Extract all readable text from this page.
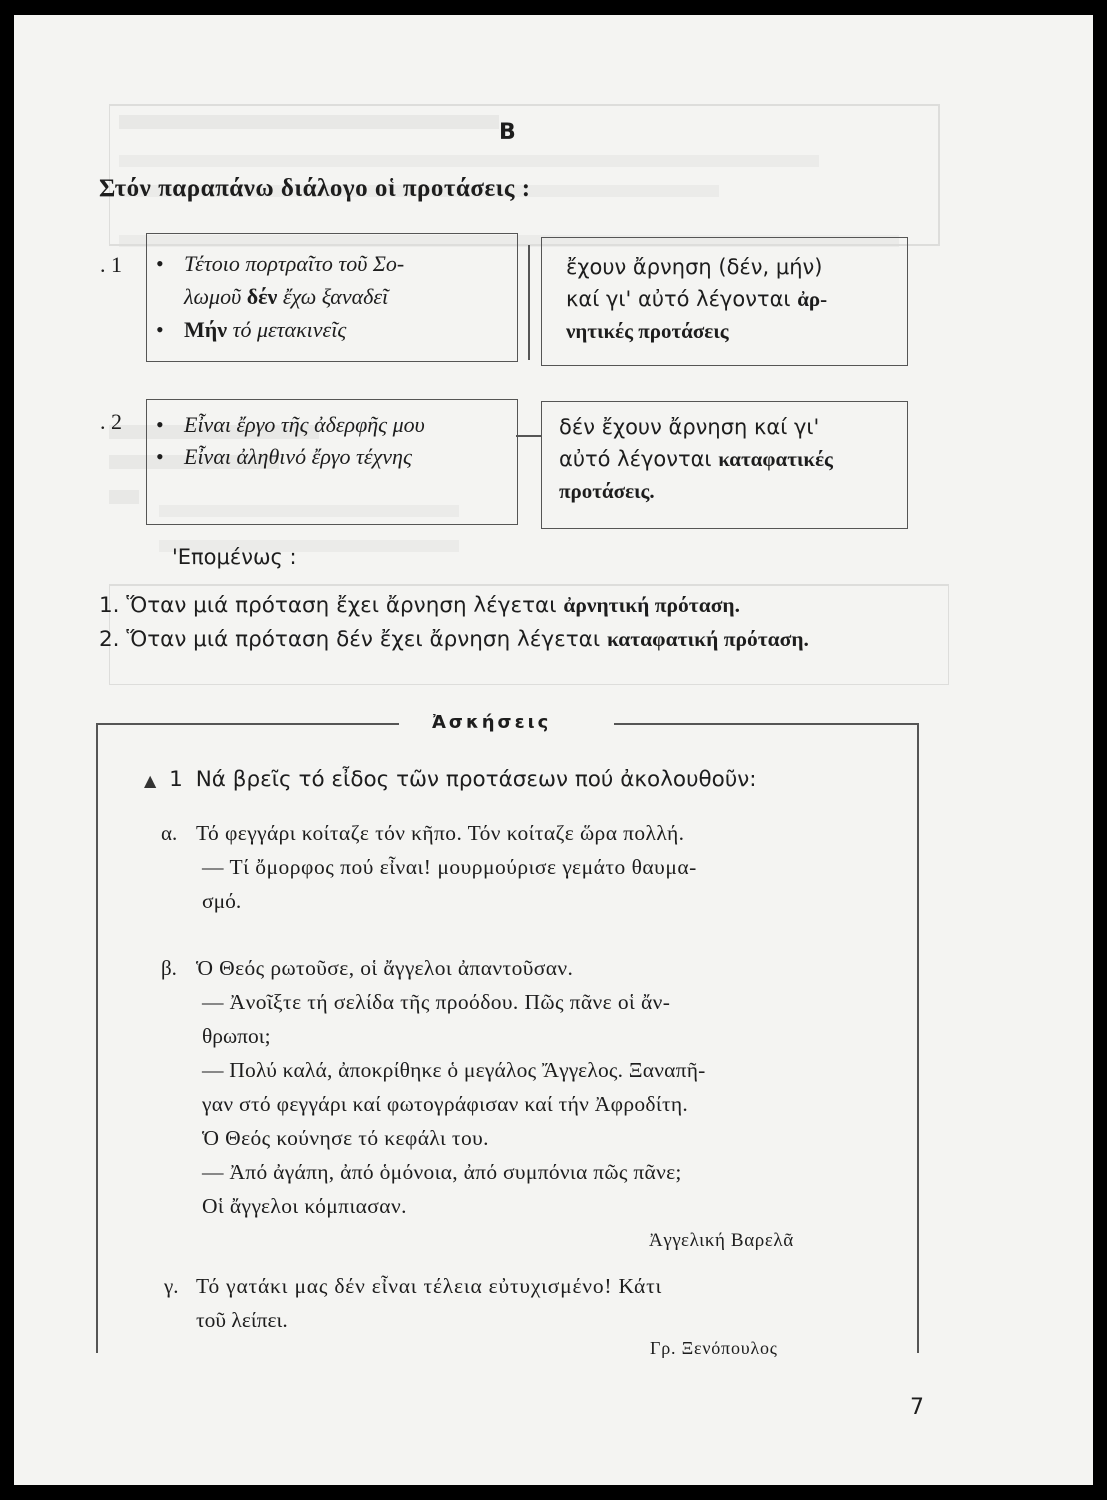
Β
Στόν παραπάνω διάλογο οἱ προτάσεις :
. 1 • Τέτοιο πορτραῖτο τοῦ Σο-
λωμοῦ δέν ἔχω ξαναδεῖ
• Μήν τό μετακινεῖς
ἔχουν ἄρνηση (δέν, μήν)
καί γι' αὐτό λέγονται ἀρ-
νητικές προτάσεις
. 2 • Εἶναι ἔργο τῆς ἀδερφῆς μου
• Εἶναι ἀληθινό ἔργο τέχνης
δέν ἔχουν ἄρνηση καί γι'
αὐτό λέγονται καταφατικές
προτάσεις.
'Επομένως :
1. Ὅταν μιά πρόταση ἔχει ἄρνηση λέγεται ἀρνητική πρόταση.
2. Ὅταν μιά πρόταση δέν ἔχει ἄρνηση λέγεται καταφατική πρόταση.
Ἀσκήσεις
▲ 1 Νά βρεῖς τό εἶδος τῶν προτάσεων πού ἀκολουθοῦν:
α. Τό φεγγάρι κοίταζε τόν κῆπο. Τόν κοίταζε ὥρα πολλή.
— Τί ὄμορφος πού εἶναι! μουρμούρισε γεμάτο θαυμα-
σμό.
β. Ὁ Θεός ρωτοῦσε, οἱ ἄγγελοι ἀπαντοῦσαν.
— Ἀνοῖξτε τή σελίδα τῆς προόδου. Πῶς πᾶνε οἱ ἄν-
θρωποι;
— Πολύ καλά, ἀποκρίθηκε ὁ μεγάλος Ἄγγελος. Ξαναπῆ-
γαν στό φεγγάρι καί φωτογράφισαν καί τήν Ἀφροδίτη.
Ὁ Θεός κούνησε τό κεφάλι του.
— Ἀπό ἀγάπη, ἀπό ὁμόνοια, ἀπό συμπόνια πῶς πᾶνε;
Οἱ ἄγγελοι κόμπιασαν.
Ἀγγελική Βαρελᾶ
γ. Τό γατάκι μας δέν εἶναι τέλεια εὐτυχισμένο! Κάτι
τοῦ λείπει.
Γρ. Ξενόπουλος
7
